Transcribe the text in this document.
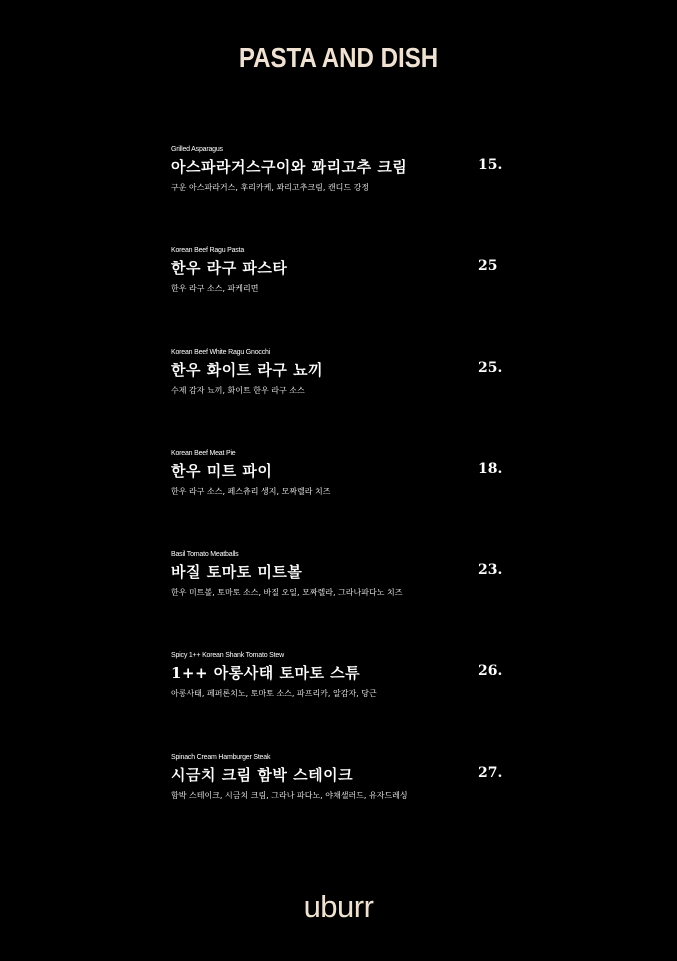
PASTA AND DISH
Grilled Asparagus
아스파라거스구이와 꽈리고추 크림	15.
구운 아스파라거스, 후리카케, 꽈리고추크림, 캔디드 강정
Korean Beef Ragu Pasta
한우 라구 파스타	25
한우 라구 소스, 파케리면
Korean Beef White Ragu Gnocchi
한우 화이트 라구 뇨끼	25.
수제 감자 뇨끼, 화이트 한우 라구 소스
Korean Beef Meat Pie
한우 미트 파이	18.
한우 라구 소스, 페스츄리 생지, 모짜렐라 치즈
Basil Tomato Meatballs
바질 토마토 미트볼	23.
한우 미트볼, 토마토 소스, 바질 오일, 모짜렐라, 그라나파다노 치즈
Spicy 1++ Korean Shank Tomato Stew
1++ 아롱사태 토마토 스튜	26.
아롱사태, 페퍼론치노, 토마토 소스, 파프리카, 알감자, 당근
Spinach Cream Hamburger Steak
시금치 크림 함박 스테이크	27.
함박 스테이크, 시금치 크림, 그라나 파다노, 야채샐러드, 유자드레싱
uburr
